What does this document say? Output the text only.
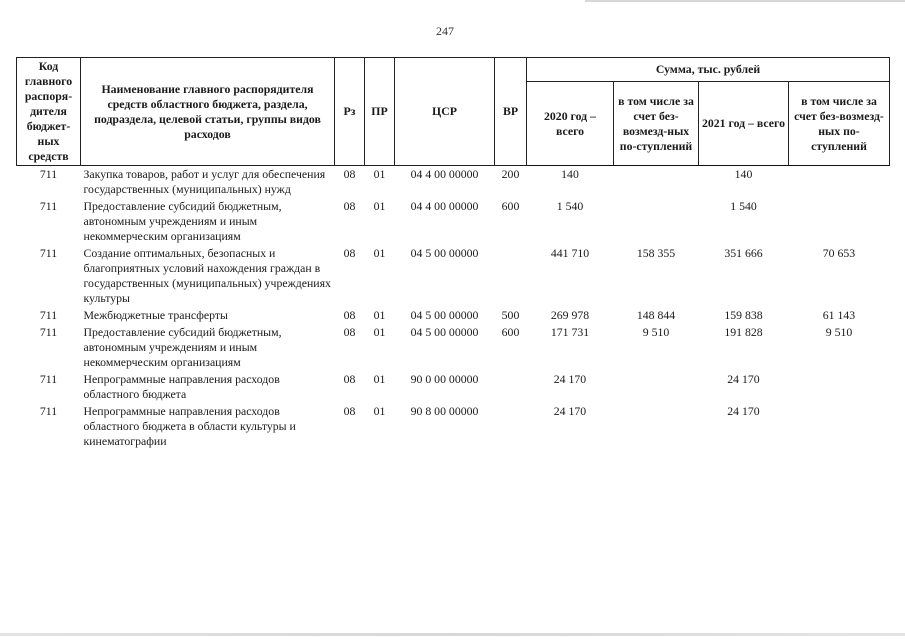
247
Код главного распоря-дителя бюджет-ных средств	Наименование главного распорядителя средств областного бюджета, раздела, подраздела, целевой статьи, группы видов расходов	Рз	ПР	ЦСР	ВР	Сумма, тыс. рублей			
						2020 год – всего	в том числе за счет без-возмезд-ных по-ступлений	2021 год – всего	в том числе за счет без-возмезд-ных по-ступлений
711	Закупка товаров, работ и услуг для обеспечения государственных (муниципальных) нужд	08	01	04 4 00 00000	200	140		140	
711	Предоставление субсидий бюджетным, автономным учреждениям и иным некоммерческим организациям	08	01	04 4 00 00000	600	1 540		1 540	
711	Создание оптимальных, безопасных и благоприятных условий нахождения граждан в государственных (муниципальных) учреждениях культуры	08	01	04 5 00 00000		441 710	158 355	351 666	70 653
711	Межбюджетные трансферты	08	01	04 5 00 00000	500	269 978	148 844	159 838	61 143
711	Предоставление субсидий бюджетным, автономным учреждениям и иным некоммерческим организациям	08	01	04 5 00 00000	600	171 731	9 510	191 828	9 510
711	Непрограммные направления расходов областного бюджета	08	01	90 0 00 00000		24 170		24 170	
711	Непрограммные направления расходов областного бюджета в области культуры и кинематографии	08	01	90 8 00 00000		24 170		24 170	
